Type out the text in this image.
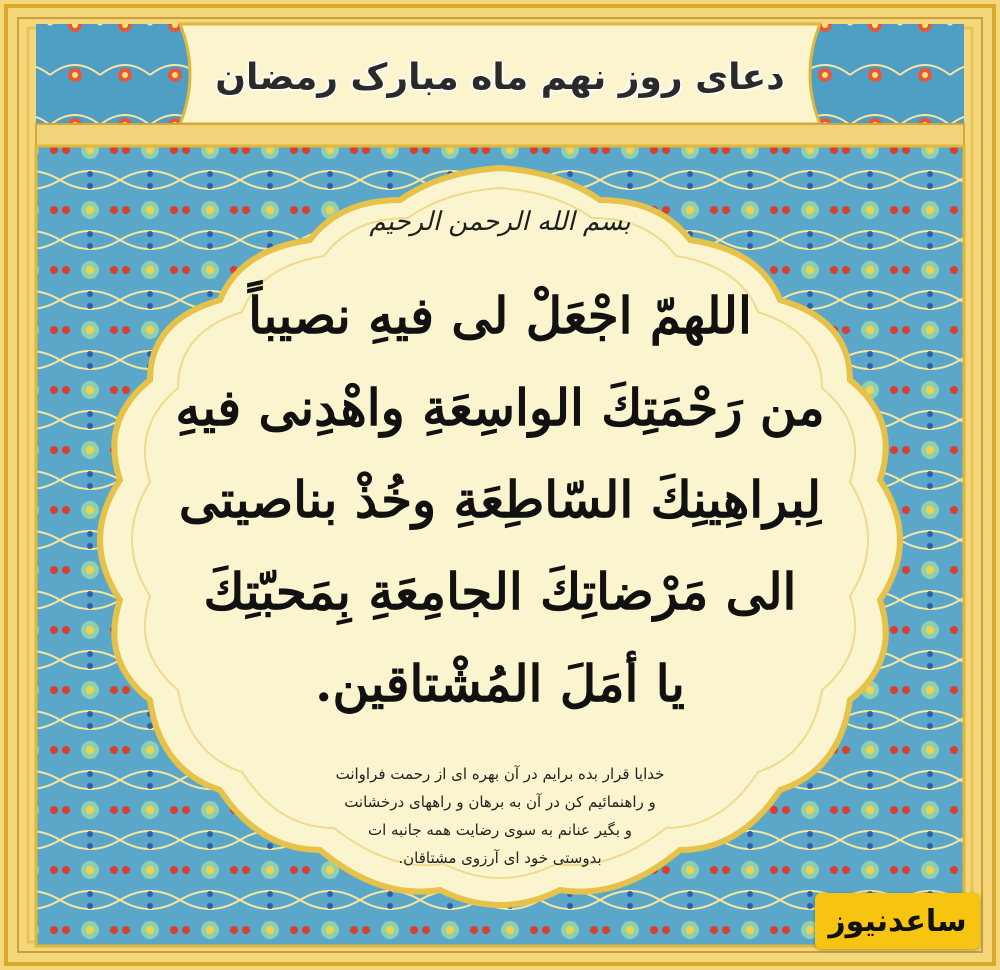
دعای روز نهم ماه مبارک رمضان
بسم الله الرحمن الرحیم
اللهمّ اجْعَلْ لی فیهِ نصیباً
من رَحْمَتِكَ الواسِعَةِ واهْدِنی فیهِ
لِبراهِینِكَ السّاطِعَةِ وخُذْ بناصیتی
الی مَرْضاتِكَ الجامِعَةِ بِمَحبّتِكَ
یا أمَلَ المُشْتاقین.
خدایا قرار بده برایم در آن بهره ای از رحمت فراوانت
و راهنمائیم کن در آن به برهان و راههای درخشانت
و بگیر عنانم به سوی رضایت همه جانبه ات
بدوستی خود ای آرزوی مشتاقان.
ساعدنیوز
